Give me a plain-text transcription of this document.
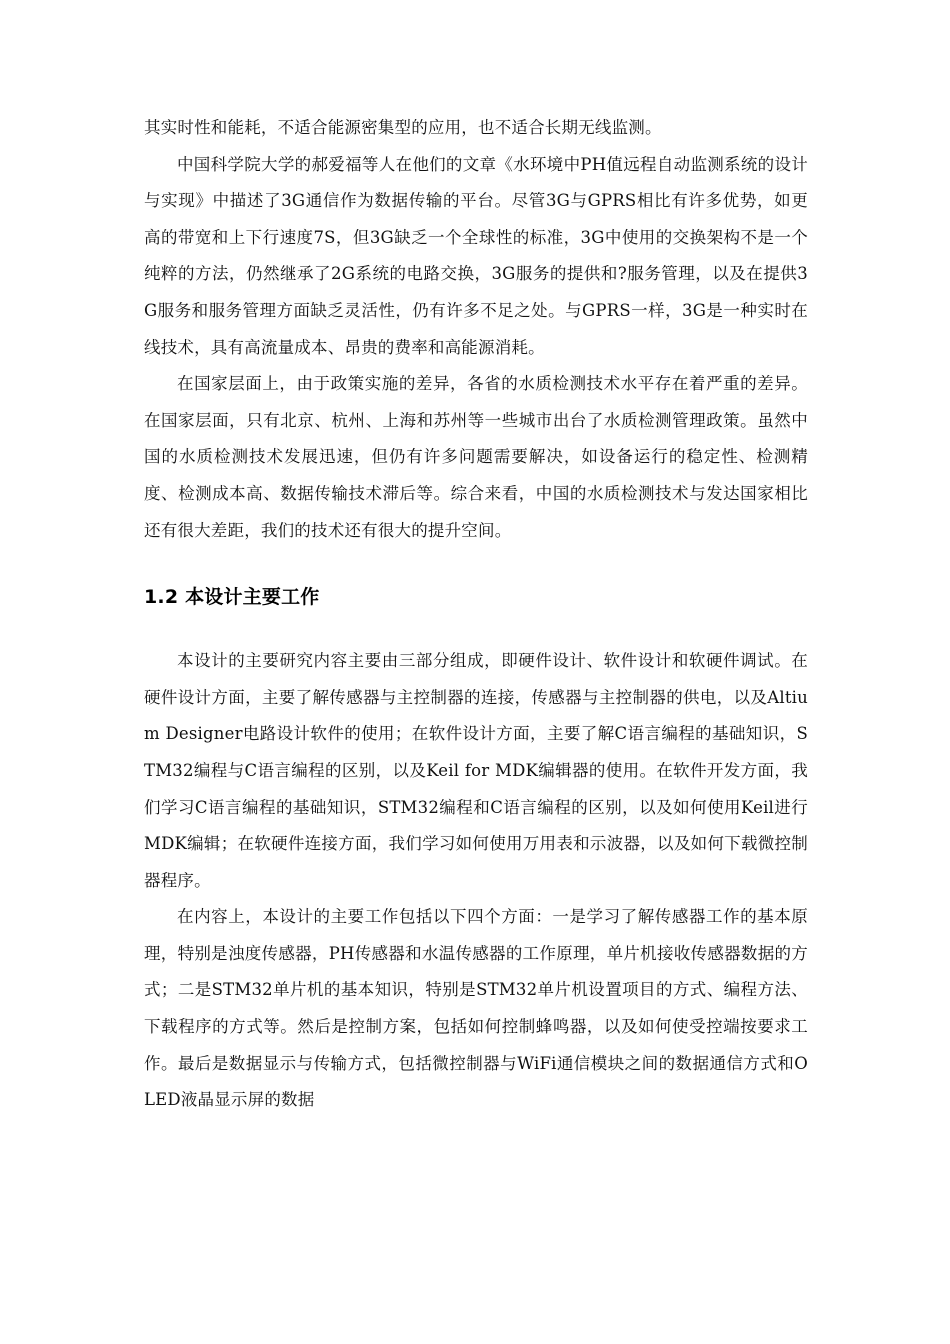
其实时性和能耗，不适合能源密集型的应用，也不适合长期无线监测。

中国科学院大学的郝爱福等人在他们的文章《水环境中PH值远程自动监测系统的设计与实现》中描述了3G通信作为数据传输的平台。尽管3G与GPRS相比有许多优势，如更高的带宽和上下行速度7S，但3G缺乏一个全球性的标准，3G中使用的交换架构不是一个纯粹的方法，仍然继承了2G系统的电路交换，3G服务的提供和?服务管理，以及在提供3G服务和服务管理方面缺乏灵活性，仍有许多不足之处。与GPRS一样，3G是一种实时在线技术，具有高流量成本、昂贵的费率和高能源消耗。

在国家层面上，由于政策实施的差异，各省的水质检测技术水平存在着严重的差异。在国家层面，只有北京、杭州、上海和苏州等一些城市出台了水质检测管理政策。虽然中国的水质检测技术发展迅速，但仍有许多问题需要解决，如设备运行的稳定性、检测精度、检测成本高、数据传输技术滞后等。综合来看，中国的水质检测技术与发达国家相比还有很大差距，我们的技术还有很大的提升空间。

1.2 本设计主要工作

本设计的主要研究内容主要由三部分组成，即硬件设计、软件设计和软硬件调试。在硬件设计方面，主要了解传感器与主控制器的连接，传感器与主控制器的供电，以及Altium Designer电路设计软件的使用；在软件设计方面，主要了解C语言编程的基础知识，STM32编程与C语言编程的区别，以及Keil for MDK编辑器的使用。在软件开发方面，我们学习C语言编程的基础知识，STM32编程和C语言编程的区别，以及如何使用Keil进行MDK编辑；在软硬件连接方面，我们学习如何使用万用表和示波器，以及如何下载微控制器程序。

在内容上，本设计的主要工作包括以下四个方面：一是学习了解传感器工作的基本原理，特别是浊度传感器，PH传感器和水温传感器的工作原理，单片机接收传感器数据的方式；二是STM32单片机的基本知识，特别是STM32单片机设置项目的方式、编程方法、下载程序的方式等。然后是控制方案，包括如何控制蜂鸣器，以及如何使受控端按要求工作。最后是数据显示与传输方式，包括微控制器与WiFi通信模块之间的数据通信方式和OLED液晶显示屏的数据
